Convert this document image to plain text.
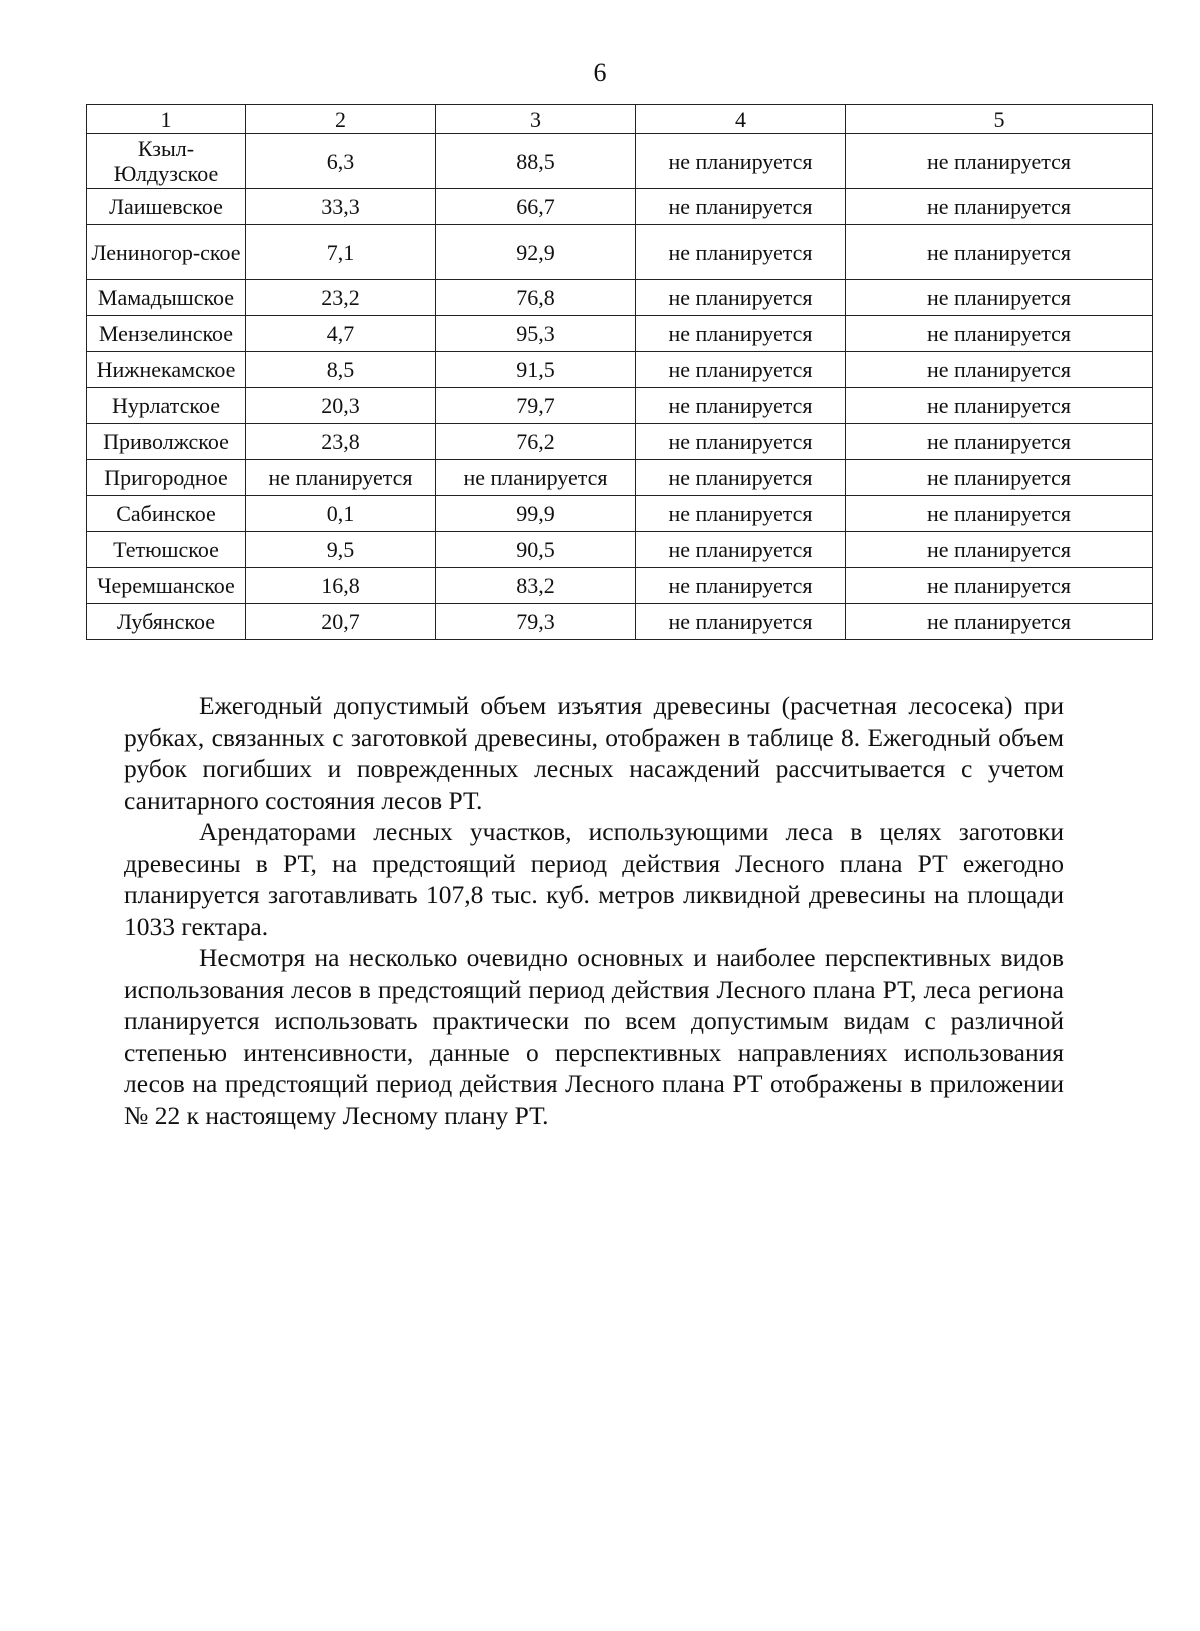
6
1	2	3	4	5
Кзыл-Юлдузское	6,3	88,5	не планируется	не планируется
Лаишевское	33,3	66,7	не планируется	не планируется
Лениногор-ское	7,1	92,9	не планируется	не планируется
Мамадышское	23,2	76,8	не планируется	не планируется
Мензелинское	4,7	95,3	не планируется	не планируется
Нижнекамское	8,5	91,5	не планируется	не планируется
Нурлатское	20,3	79,7	не планируется	не планируется
Приволжское	23,8	76,2	не планируется	не планируется
Пригородное	не планируется	не планируется	не планируется	не планируется
Сабинское	0,1	99,9	не планируется	не планируется
Тетюшское	9,5	90,5	не планируется	не планируется
Черемшанское	16,8	83,2	не планируется	не планируется
Лубянское	20,7	79,3	не планируется	не планируется

Ежегодный допустимый объем изъятия древесины (расчетная лесосека) при рубках, связанных с заготовкой древесины, отображен в таблице 8. Ежегодный объем рубок погибших и поврежденных лесных насаждений рассчитывается с учетом санитарного состояния лесов РТ.

Арендаторами лесных участков, использующими леса в целях заготовки древесины в РТ, на предстоящий период действия Лесного плана РТ ежегодно планируется заготавливать 107,8 тыс. куб. метров ликвидной древесины на площади 1033 гектара.

Несмотря на несколько очевидно основных и наиболее перспективных видов использования лесов в предстоящий период действия Лесного плана РТ, леса региона планируется использовать практически по всем допустимым видам с различной степенью интенсивности, данные о перспективных направлениях использования лесов на предстоящий период действия Лесного плана РТ отображены в приложении № 22 к настоящему Лесному плану РТ.
